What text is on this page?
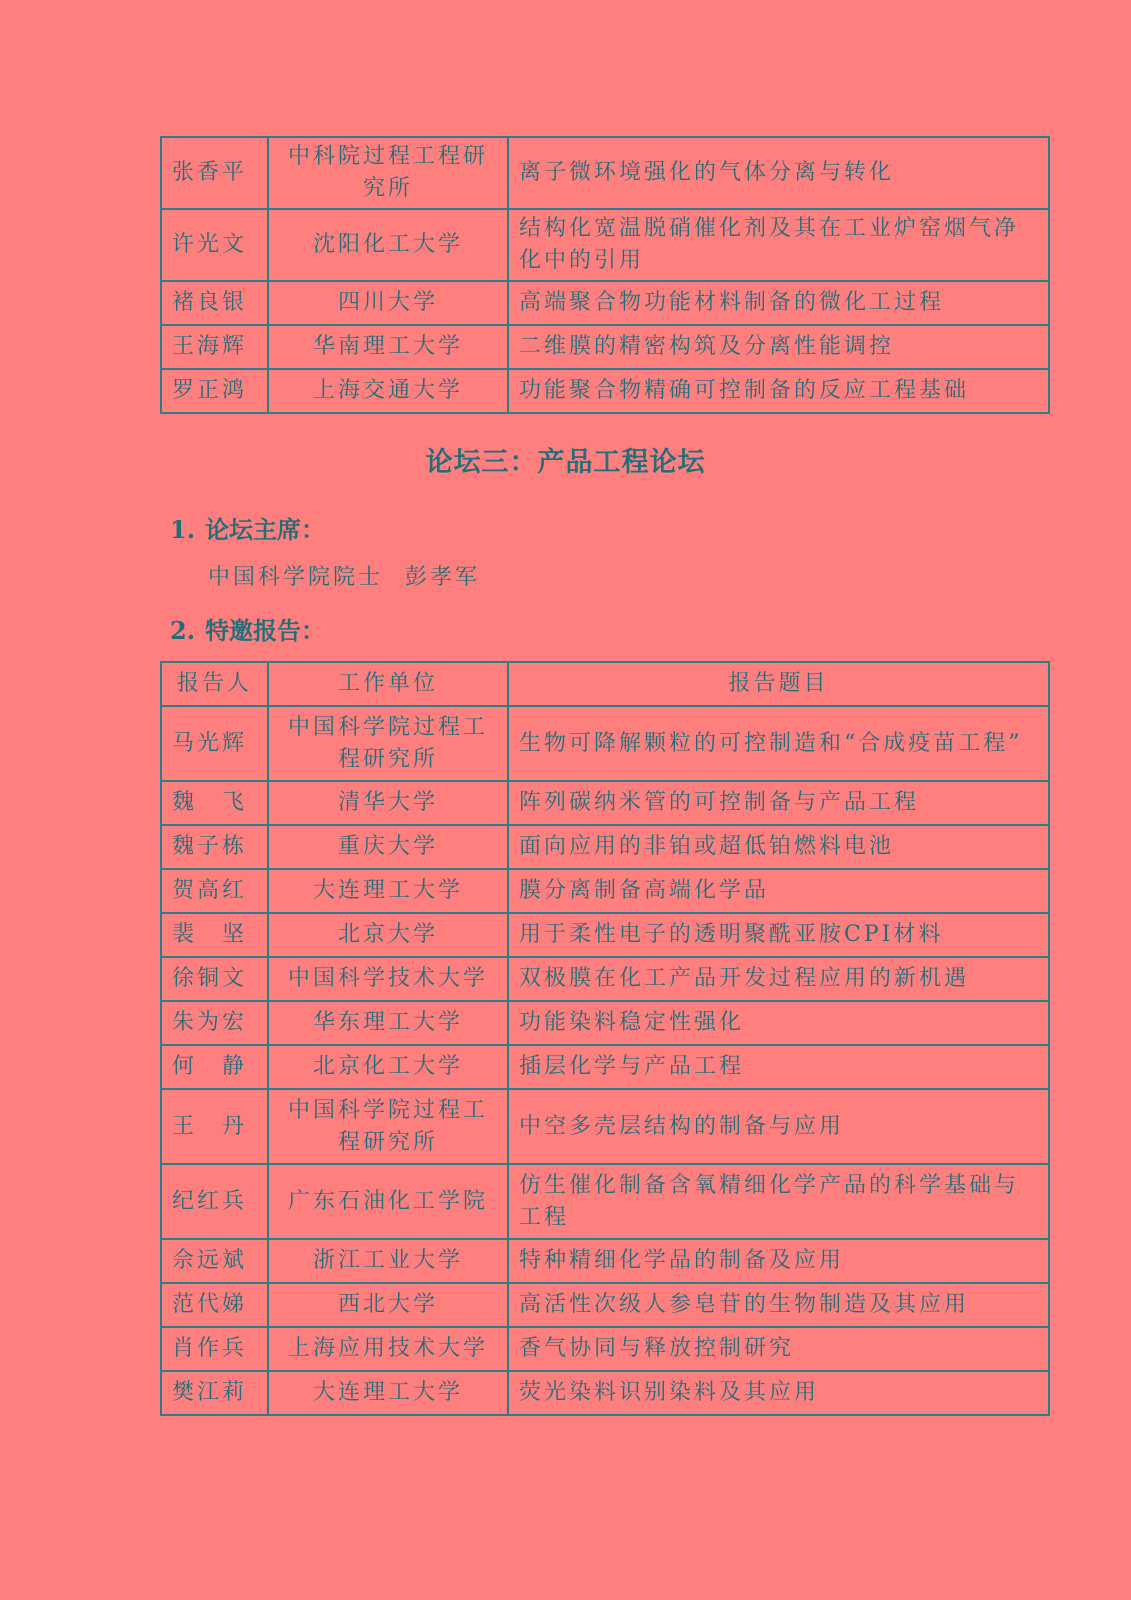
张香平	中科院过程工程研究所	离子微环境强化的气体分离与转化
许光文	沈阳化工大学	结构化宽温脱硝催化剂及其在工业炉窑烟气净化中的引用
褚良银	四川大学	高端聚合物功能材料制备的微化工过程
王海辉	华南理工大学	二维膜的精密构筑及分离性能调控
罗正鸿	上海交通大学	功能聚合物精确可控制备的反应工程基础
论坛三：产品工程论坛
1. 论坛主席：
中国科学院院士 彭孝军
2. 特邀报告：
报告人	工作单位	报告题目
马光辉	中国科学院过程工程研究所	生物可降解颗粒的可控制造和“合成疫苗工程”
魏　飞	清华大学	阵列碳纳米管的可控制备与产品工程
魏子栋	重庆大学	面向应用的非铂或超低铂燃料电池
贺高红	大连理工大学	膜分离制备高端化学品
裴　坚	北京大学	用于柔性电子的透明聚酰亚胺CPI材料
徐铜文	中国科学技术大学	双极膜在化工产品开发过程应用的新机遇
朱为宏	华东理工大学	功能染料稳定性强化
何　静	北京化工大学	插层化学与产品工程
王　丹	中国科学院过程工程研究所	中空多壳层结构的制备与应用
纪红兵	广东石油化工学院	仿生催化制备含氧精细化学产品的科学基础与工程
佘远斌	浙江工业大学	特种精细化学品的制备及应用
范代娣	西北大学	高活性次级人参皂苷的生物制造及其应用
肖作兵	上海应用技术大学	香气协同与释放控制研究
樊江莉	大连理工大学	荧光染料识别染料及其应用
